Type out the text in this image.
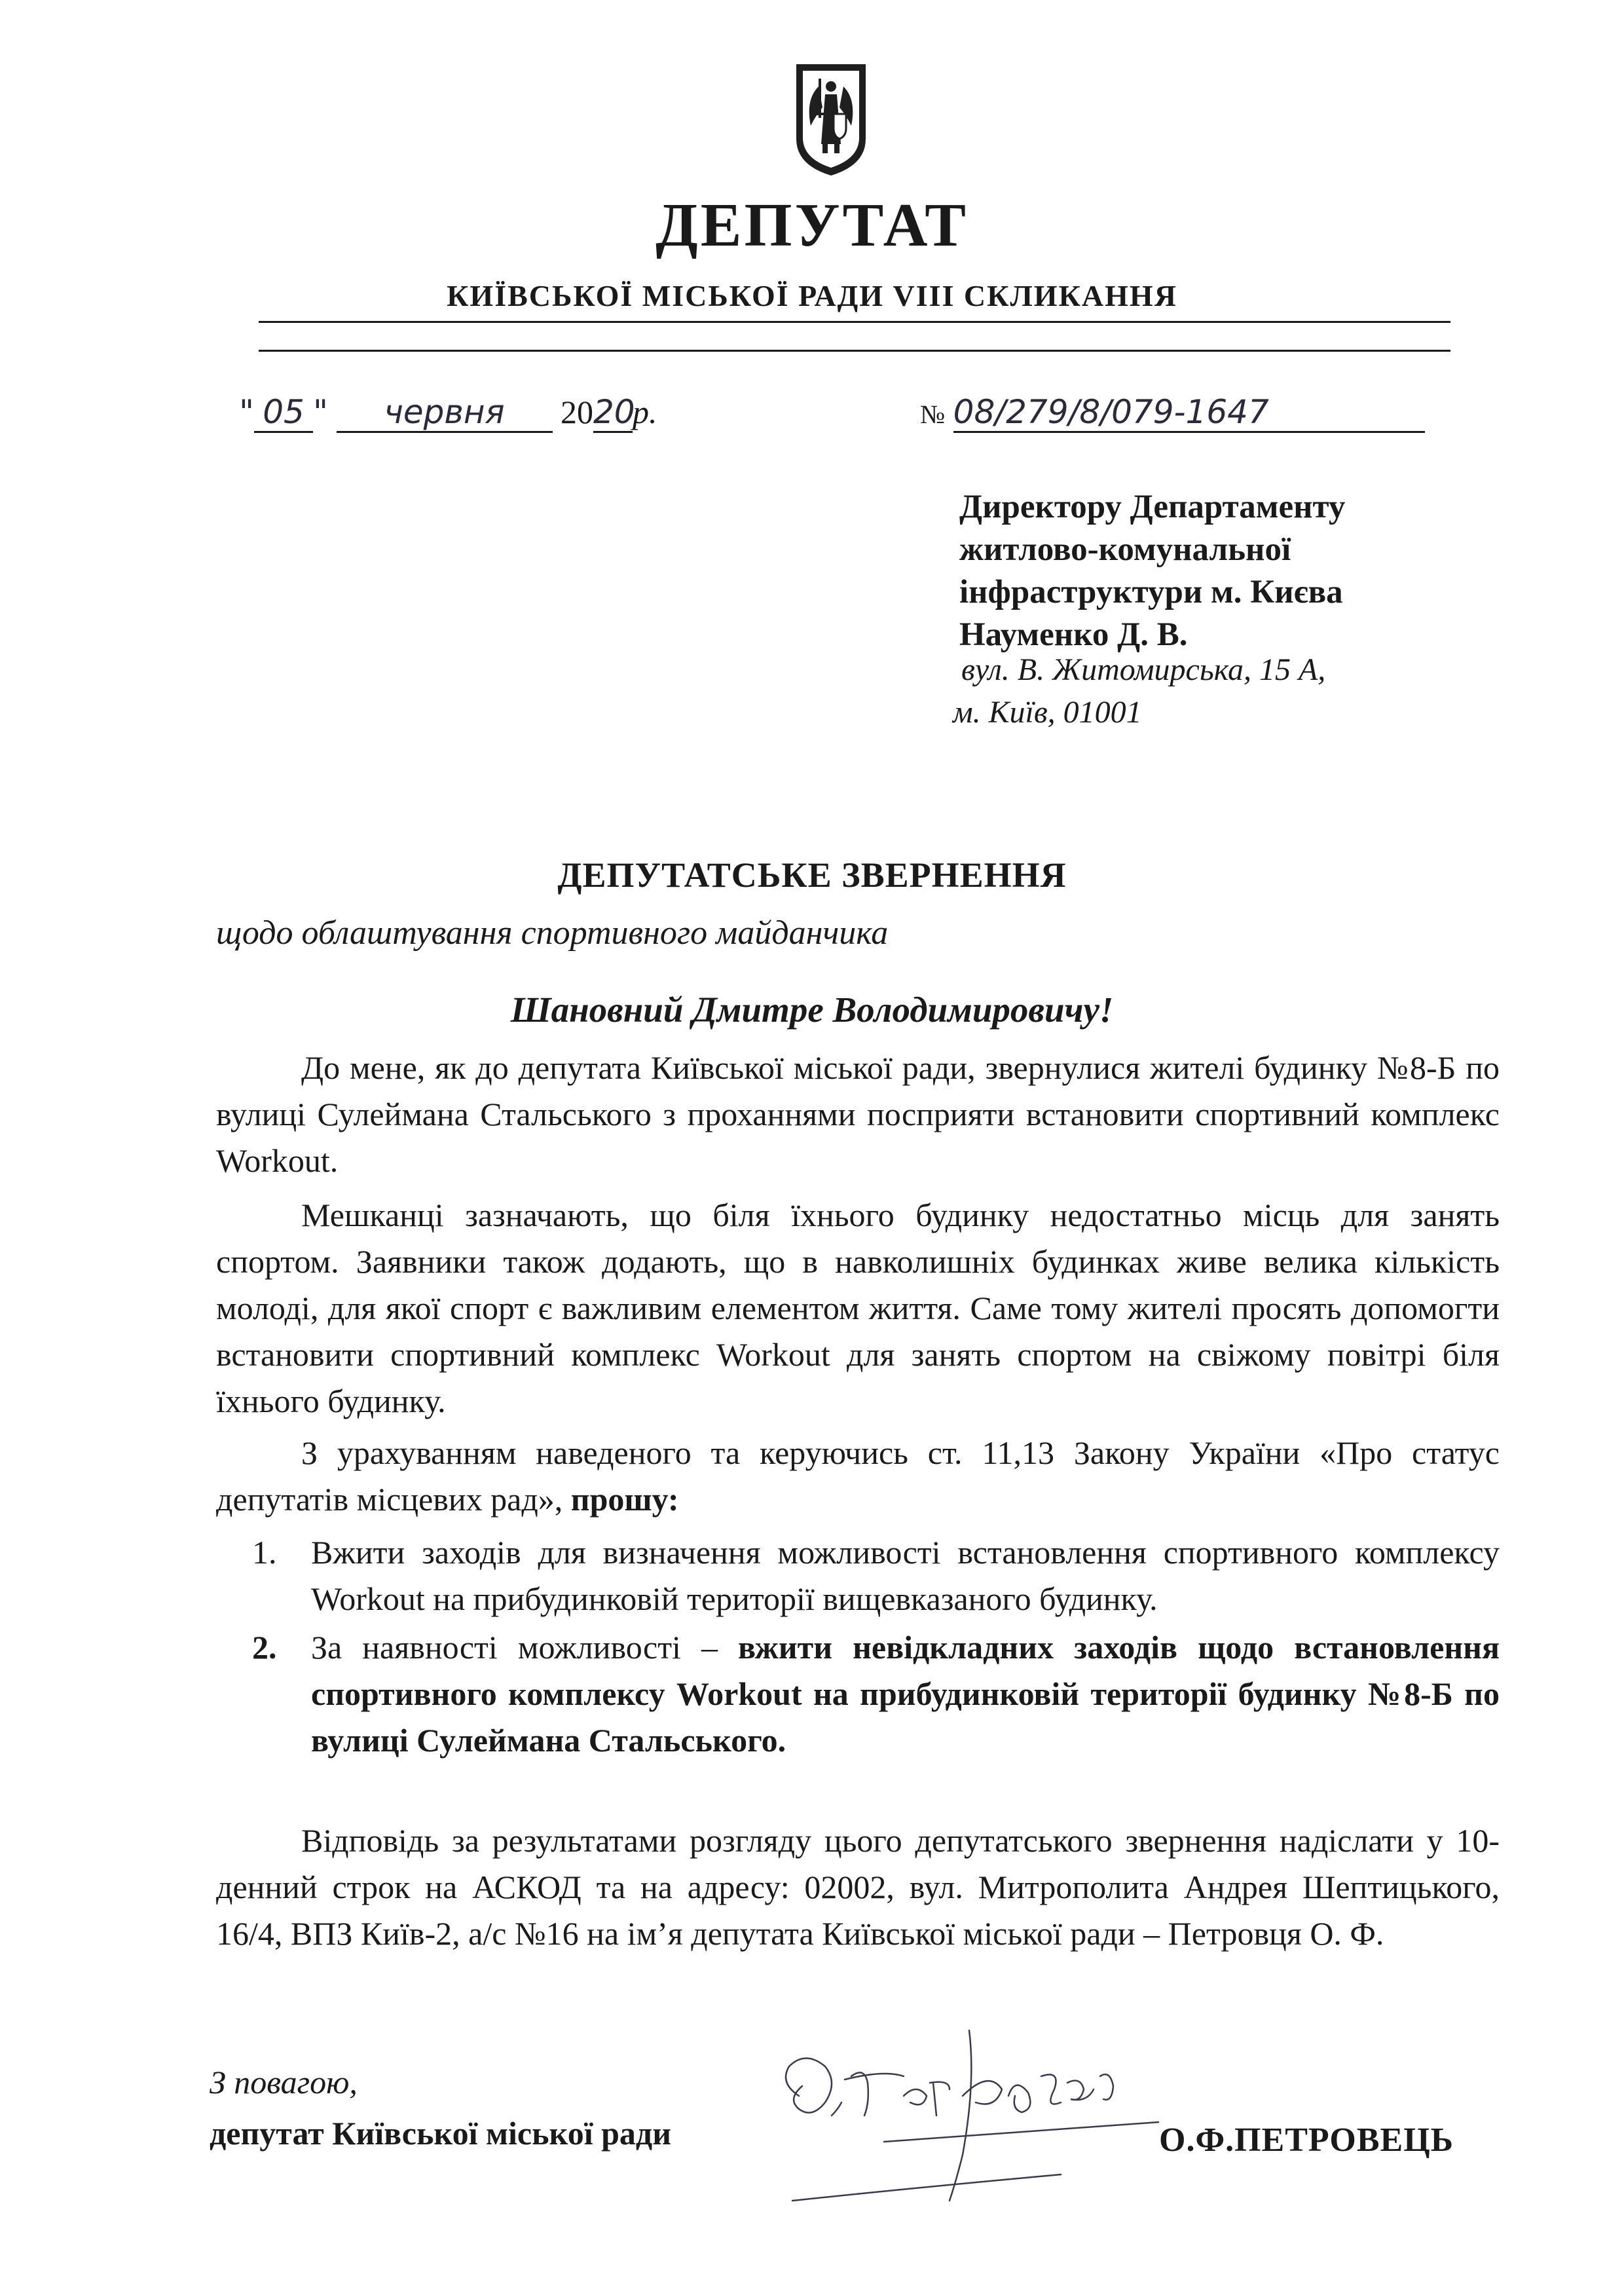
ДЕПУТАТ
КИЇВСЬКОЇ МІСЬКОЇ РАДИ VIII СКЛИКАННЯ
" 05 " червня 2020р.	№ 08/279/8/079-1647
Директору Департаменту
житлово-комунальної
інфраструктури м. Києва
Науменко Д. В.
вул. В. Житомирська, 15 А,
м. Київ, 01001
ДЕПУТАТСЬКЕ ЗВЕРНЕННЯ
щодо облаштування спортивного майданчика
Шановний Дмитре Володимировичу!
До мене, як до депутата Київської міської ради, звернулися жителі будинку №8-Б по вулиці Сулеймана Стальського з проханнями посприяти встановити спортивний комплекс Workout.
Мешканці зазначають, що біля їхнього будинку недостатньо місць для занять спортом. Заявники також додають, що в навколишніх будинках живе велика кількість молоді, для якої спорт є важливим елементом життя. Саме тому жителі просять допомогти встановити спортивний комплекс Workout для занять спортом на свіжому повітрі біля їхнього будинку.
З урахуванням наведеного та керуючись ст. 11,13 Закону України «Про статус депутатів місцевих рад», прошу:
1.	Вжити заходів для визначення можливості встановлення спортивного комплексу Workout на прибудинковій території вищевказаного будинку.
2.	За наявності можливості – вжити невідкладних заходів щодо встановлення спортивного комплексу Workout на прибудинковій території будинку №8-Б по вулиці Сулеймана Стальського.
Відповідь за результатами розгляду цього депутатського звернення надіслати у 10-денний строк на АСКОД та на адресу: 02002, вул. Митрополита Андрея Шептицького, 16/4, ВПЗ Київ-2, а/с №16 на ім’я депутата Київської міської ради – Петровця О. Ф.
З повагою,
депутат Київської міської ради	О.Ф.ПЕТРОВЕЦЬ
